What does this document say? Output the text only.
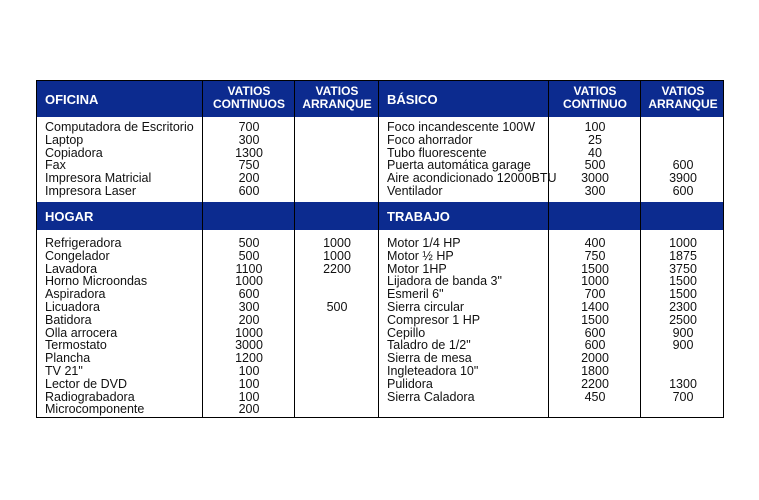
OFICINA
VATIOS
CONTINUOS
VATIOS
ARRANQUE	BÁSICO
VATIOS
CONTINUO
VATIOS
ARRANQUE
HOGAR	TRABAJO
Computadora de Escritorio
Laptop
Copiadora
Fax
Impresora Matricial
Impresora Laser
700
300
1300
750
200
600
Foco incandescente 100W
Foco ahorrador
Tubo fluorescente
Puerta automática garage
Aire acondicionado 12000BTU
Ventilador
100
25
40
500
3000
300
600
3900
600
Refrigeradora
Congelador
Lavadora
Horno Microondas
Aspiradora
Licuadora
Batidora
Olla arrocera
Termostato
Plancha
TV 21"
Lector de DVD
Radiograbadora
Microcomponente
500
500
1100
1000
600
300
200
1000
3000
1200
100
100
100
200
1000
1000
2200
500
Motor 1/4 HP
Motor ½ HP
Motor 1HP
Lijadora de banda 3"
Esmeril 6"
Sierra circular
Compresor 1 HP
Cepillo
Taladro de 1/2"
Sierra de mesa
Ingleteadora 10"
Pulidora
Sierra Caladora
400
750
1500
1000
700
1400
1500
600
600
2000
1800
2200
450
1000
1875
3750
1500
1500
2300
2500
900
900
1300
700
